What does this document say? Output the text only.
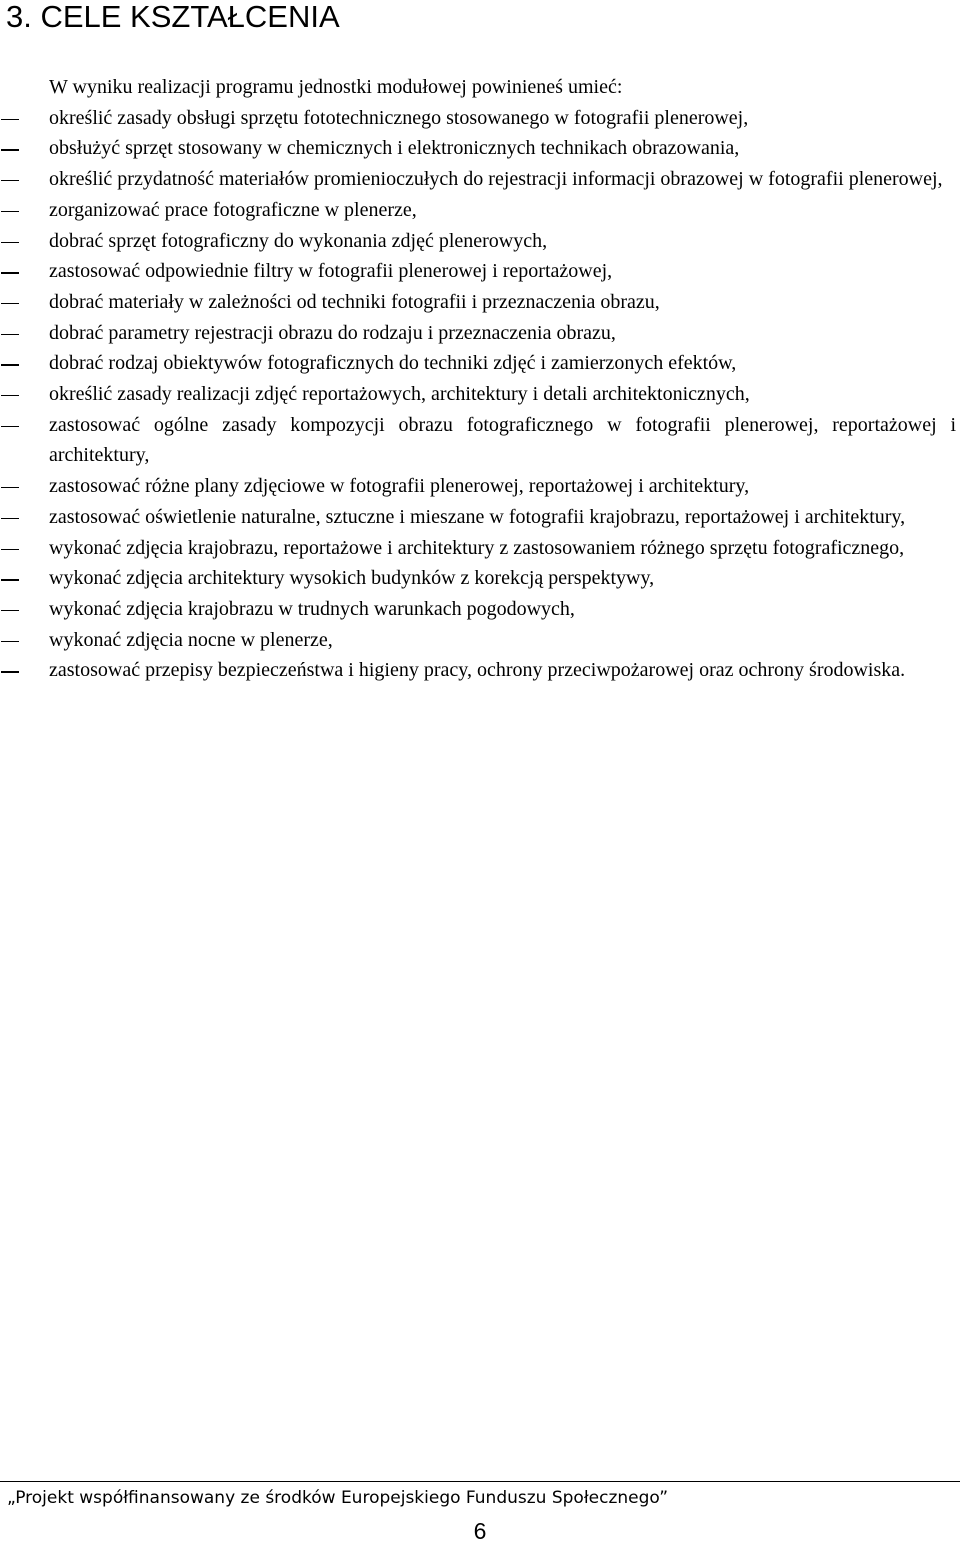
3. CELE KSZTAŁCENIA

W wyniku realizacji programu jednostki modułowej powinieneś umieć:

określić zasady obsługi sprzętu fototechnicznego stosowanego w fotografii plenerowej,
obsłużyć sprzęt stosowany w chemicznych i elektronicznych technikach obrazowania,
określić przydatność materiałów promienioczułych do rejestracji informacji obrazowej w fotografii plenerowej,
zorganizować prace fotograficzne w plenerze,
dobrać sprzęt fotograficzny do wykonania zdjęć plenerowych,
zastosować odpowiednie filtry w fotografii plenerowej i reportażowej,
dobrać materiały w zależności od techniki fotografii i przeznaczenia obrazu,
dobrać parametry rejestracji obrazu do rodzaju i przeznaczenia obrazu,
dobrać rodzaj obiektywów fotograficznych do techniki zdjęć i zamierzonych efektów,
określić zasady realizacji zdjęć reportażowych, architektury i detali architektonicznych,
zastosować ogólne zasady kompozycji obrazu fotograficznego w fotografii plenerowej, reportażowej i architektury,
zastosować różne plany zdjęciowe w fotografii plenerowej, reportażowej i architektury,
zastosować oświetlenie naturalne, sztuczne i mieszane w fotografii krajobrazu, reportażowej i architektury,
wykonać zdjęcia krajobrazu, reportażowe i architektury z zastosowaniem różnego sprzętu fotograficznego,
wykonać zdjęcia architektury wysokich budynków z korekcją perspektywy,
wykonać zdjęcia krajobrazu w trudnych warunkach pogodowych,
wykonać zdjęcia nocne w plenerze,
zastosować przepisy bezpieczeństwa i higieny pracy, ochrony przeciwpożarowej oraz ochrony środowiska.
„Projekt współfinansowany ze środków Europejskiego Funduszu Społecznego”
6
